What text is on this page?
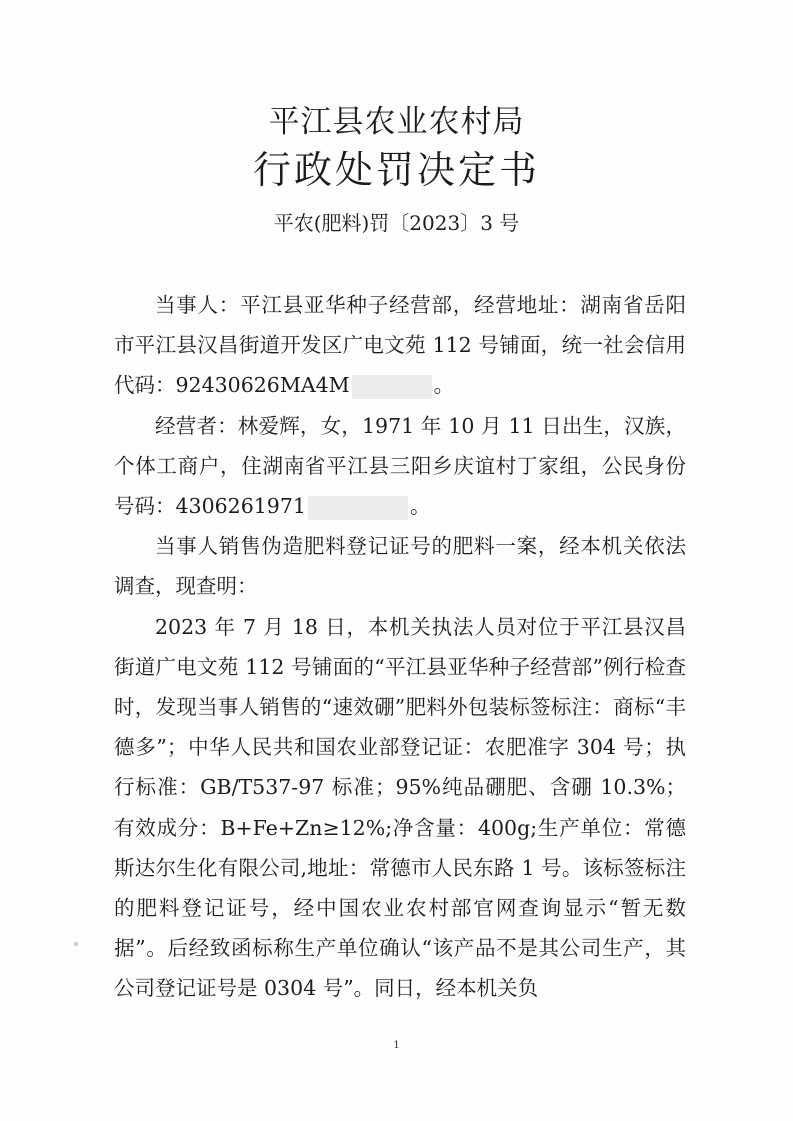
平江县农业农村局
行政处罚决定书
平农(肥料)罚〔2023〕3 号

当事人：平江县亚华种子经营部，经营地址：湖南省岳阳市平江县汉昌街道开发区广电文苑 112 号铺面，统一社会信用代码：92430626MA4M	。

经营者：林爱辉，女，1971 年 10 月 11 日出生，汉族，个体工商户，住湖南省平江县三阳乡庆谊村丁家组，公民身份号码：4306261971	。

当事人销售伪造肥料登记证号的肥料一案，经本机关依法调查，现查明：

2023 年 7 月 18 日，本机关执法人员对位于平江县汉昌街道广电文苑 112 号铺面的“平江县亚华种子经营部”例行检查时，发现当事人销售的“速效硼”肥料外包装标签标注：商标“丰德多”；中华人民共和国农业部登记证：农肥准字 304 号；执行标准：GB/T537-97 标准；95%纯品硼肥、含硼 10.3%；有效成分：B+Fe+Zn≥12%;净含量：400g;生产单位：常德斯达尔生化有限公司,地址：常德市人民东路 1 号。该标签标注的肥料登记证号，经中国农业农村部官网查询显示“暂无数据”。后经致函标称生产单位确认“该产品不是其公司生产，其公司登记证号是 0304 号”。同日，经本机关负

1
